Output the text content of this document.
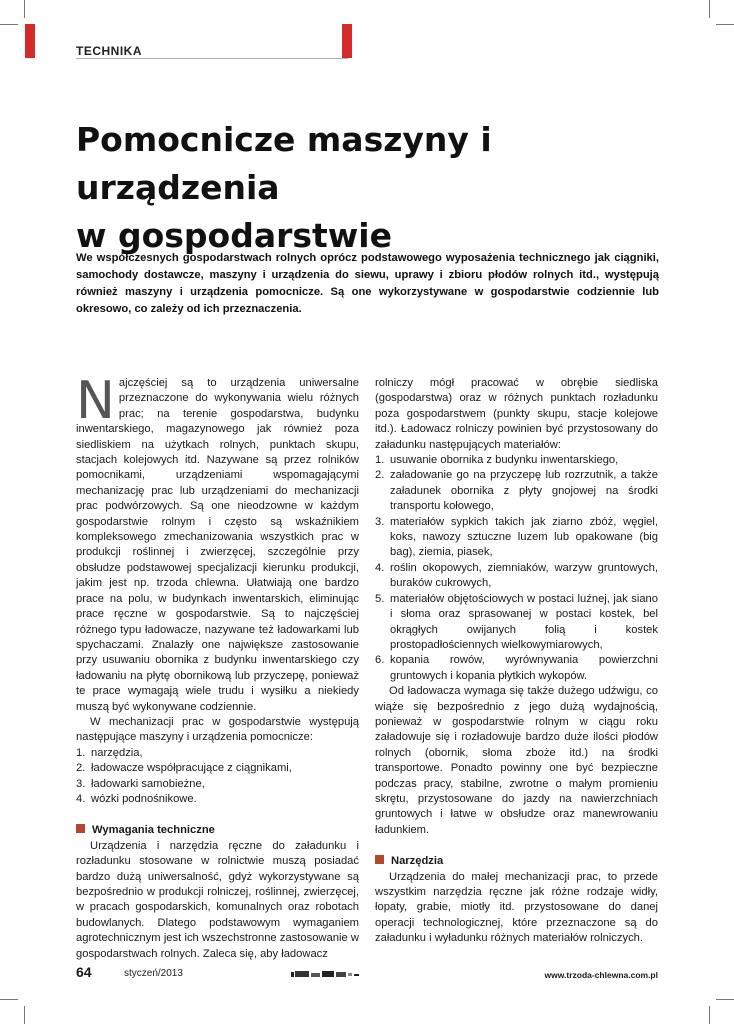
TECHNIKA
Pomocnicze maszyny i urządzenia
w gospodarstwie

We współczesnych gospodarstwach rolnych oprócz podstawowego wyposażenia technicznego jak ciągniki, samochody dostawcze, maszyny i urządzenia do siewu, uprawy i zbioru płodów rolnych itd., występują również maszyny i urządzenia pomocnicze. Są one wykorzystywane w gospodarstwie codziennie lub okresowo, co zależy od ich przeznaczenia.

Najczęściej są to urządzenia uniwersalne przeznaczone do wykonywania wielu różnych prac; na terenie gospodarstwa, budynku inwentarskiego, magazynowego jak również poza siedliskiem na użytkach rolnych, punktach skupu, stacjach kolejowych itd. Nazywane są przez rolników pomocnikami, urządzeniami wspomagającymi mechanizację prac lub urządzeniami do mechanizacji prac podwórzowych. Są one nieodzowne w każdym gospodarstwie rolnym i często są wskaźnikiem kompleksowego zmechanizowania wszystkich prac w produkcji roślinnej i zwierzęcej, szczególnie przy obsłudze podstawowej specjalizacji kierunku produkcji, jakim jest np. trzoda chlewna. Ułatwiają one bardzo prace na polu, w budynkach inwentarskich, eliminując prace ręczne w gospodarstwie. Są to najczęściej różnego typu ładowacze, nazywane też ładowarkami lub spychaczami. Znalazły one największe zastosowanie przy usuwaniu obornika z budynku inwentarskiego czy ładowaniu na płytę obornikową lub przyczepę, ponieważ te prace wymagają wiele trudu i wysiłku a niekiedy muszą być wykonywane codziennie.

W mechanizacji prac w gospodarstwie występują następujące maszyny i urządzenia pomocnicze:

1. narzędzia,
2. ładowacze współpracujące z ciągnikami,
3. ładowarki samobieżne,
4. wózki podnośnikowe.

Wymagania techniczne

Urządzenia i narzędzia ręczne do załadunku i rozładunku stosowane w rolnictwie muszą posiadać bardzo dużą uniwersalność, gdyż wykorzystywane są bezpośrednio w produkcji rolniczej, roślinnej, zwierzęcej, w pracach gospodarskich, komunalnych oraz robotach budowlanych. Dlatego podstawowym wymaganiem agrotechnicznym jest ich wszechstronne zastosowanie w gospodarstwach rolnych. Zaleca się, aby ładowacz

rolniczy mógł pracować w obrębie siedliska (gospodarstwa) oraz w różnych punktach rozładunku poza gospodarstwem (punkty skupu, stacje kolejowe itd.). Ładowacz rolniczy powinien być przystosowany do załadunku następujących materiałów:

1. usuwanie obornika z budynku inwentarskiego,
2. załadowanie go na przyczepę lub rozrzutnik, a także załadunek obornika z płyty gnojowej na środki transportu kołowego,
3. materiałów sypkich takich jak ziarno zbóż, węgiel, koks, nawozy sztuczne luzem lub opakowane (big bag), ziemia, piasek,
4. roślin okopowych, ziemniaków, warzyw gruntowych, buraków cukrowych,
5. materiałów objętościowych w postaci luźnej, jak siano i słoma oraz sprasowanej w postaci kostek, bel okrągłych owijanych folią i kostek prostopadłościennych wielkowymiarowych,
6. kopania rowów, wyrównywania powierzchni gruntowych i kopania płytkich wykopów.

Od ładowacza wymaga się także dużego udźwigu, co wiąże się bezpośrednio z jego dużą wydajnością, ponieważ w gospodarstwie rolnym w ciągu roku załadowuje się i rozładowuje bardzo duże ilości płodów rolnych (obornik, słoma zboże itd.) na środki transportowe. Ponadto powinny one być bezpieczne podczas pracy, stabilne, zwrotne o małym promieniu skrętu, przystosowane do jazdy na nawierzchniach gruntowych i łatwe w obsłudze oraz manewrowaniu ładunkiem.

Narzędzia

Urządzenia do małej mechanizacji prac, to przede wszystkim narzędzia ręczne jak różne rodzaje widły, łopaty, grabie, miotły itd. przystosowane do danej operacji technologicznej, które przeznaczone są do załadunku i wyładunku różnych materiałów rolniczych.

64	styczeń/2013	www.trzoda-chlewna.com.pl
